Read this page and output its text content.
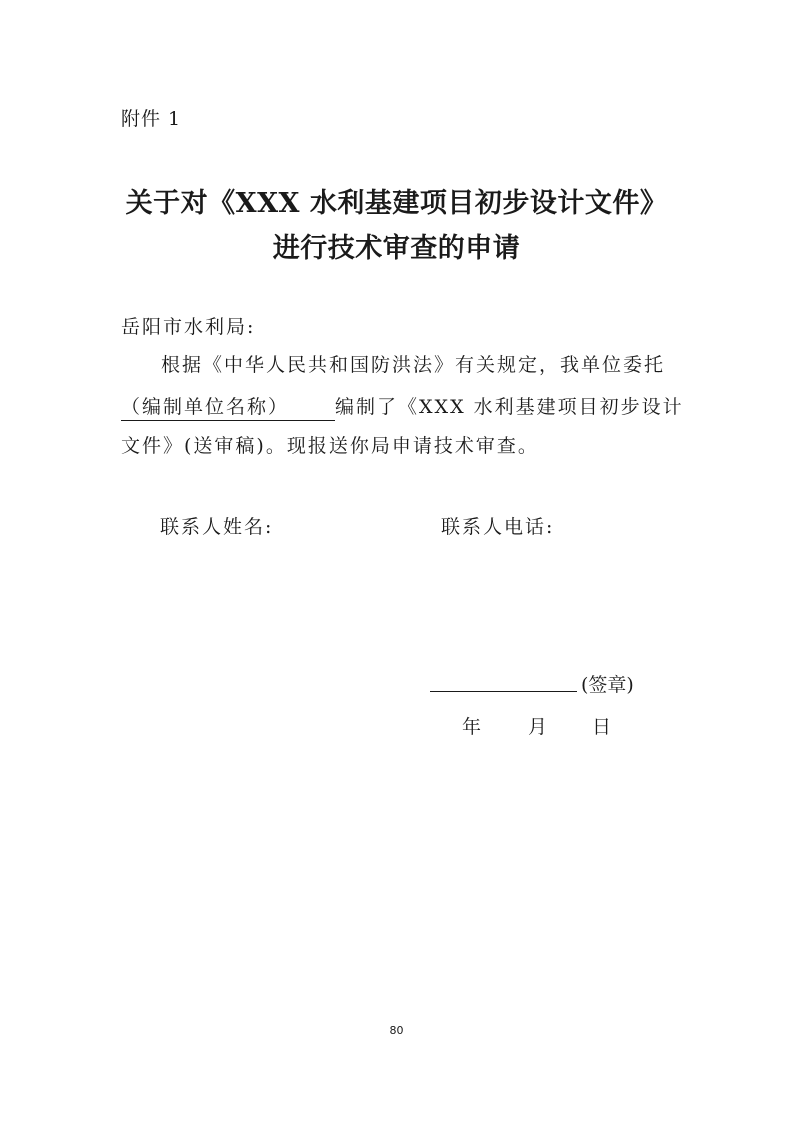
附件 1
关于对《XXX 水利基建项目初步设计文件》
进行技术审查的申请
岳阳市水利局:
根据《中华人民共和国防洪法》有关规定，我单位委托
（编制单位名称） 编制了《XXX 水利基建项目初步设计
文件》(送审稿)。现报送你局申请技术审查。
联系人姓名:	联系人电话:
(签章)
年 月 日
80
